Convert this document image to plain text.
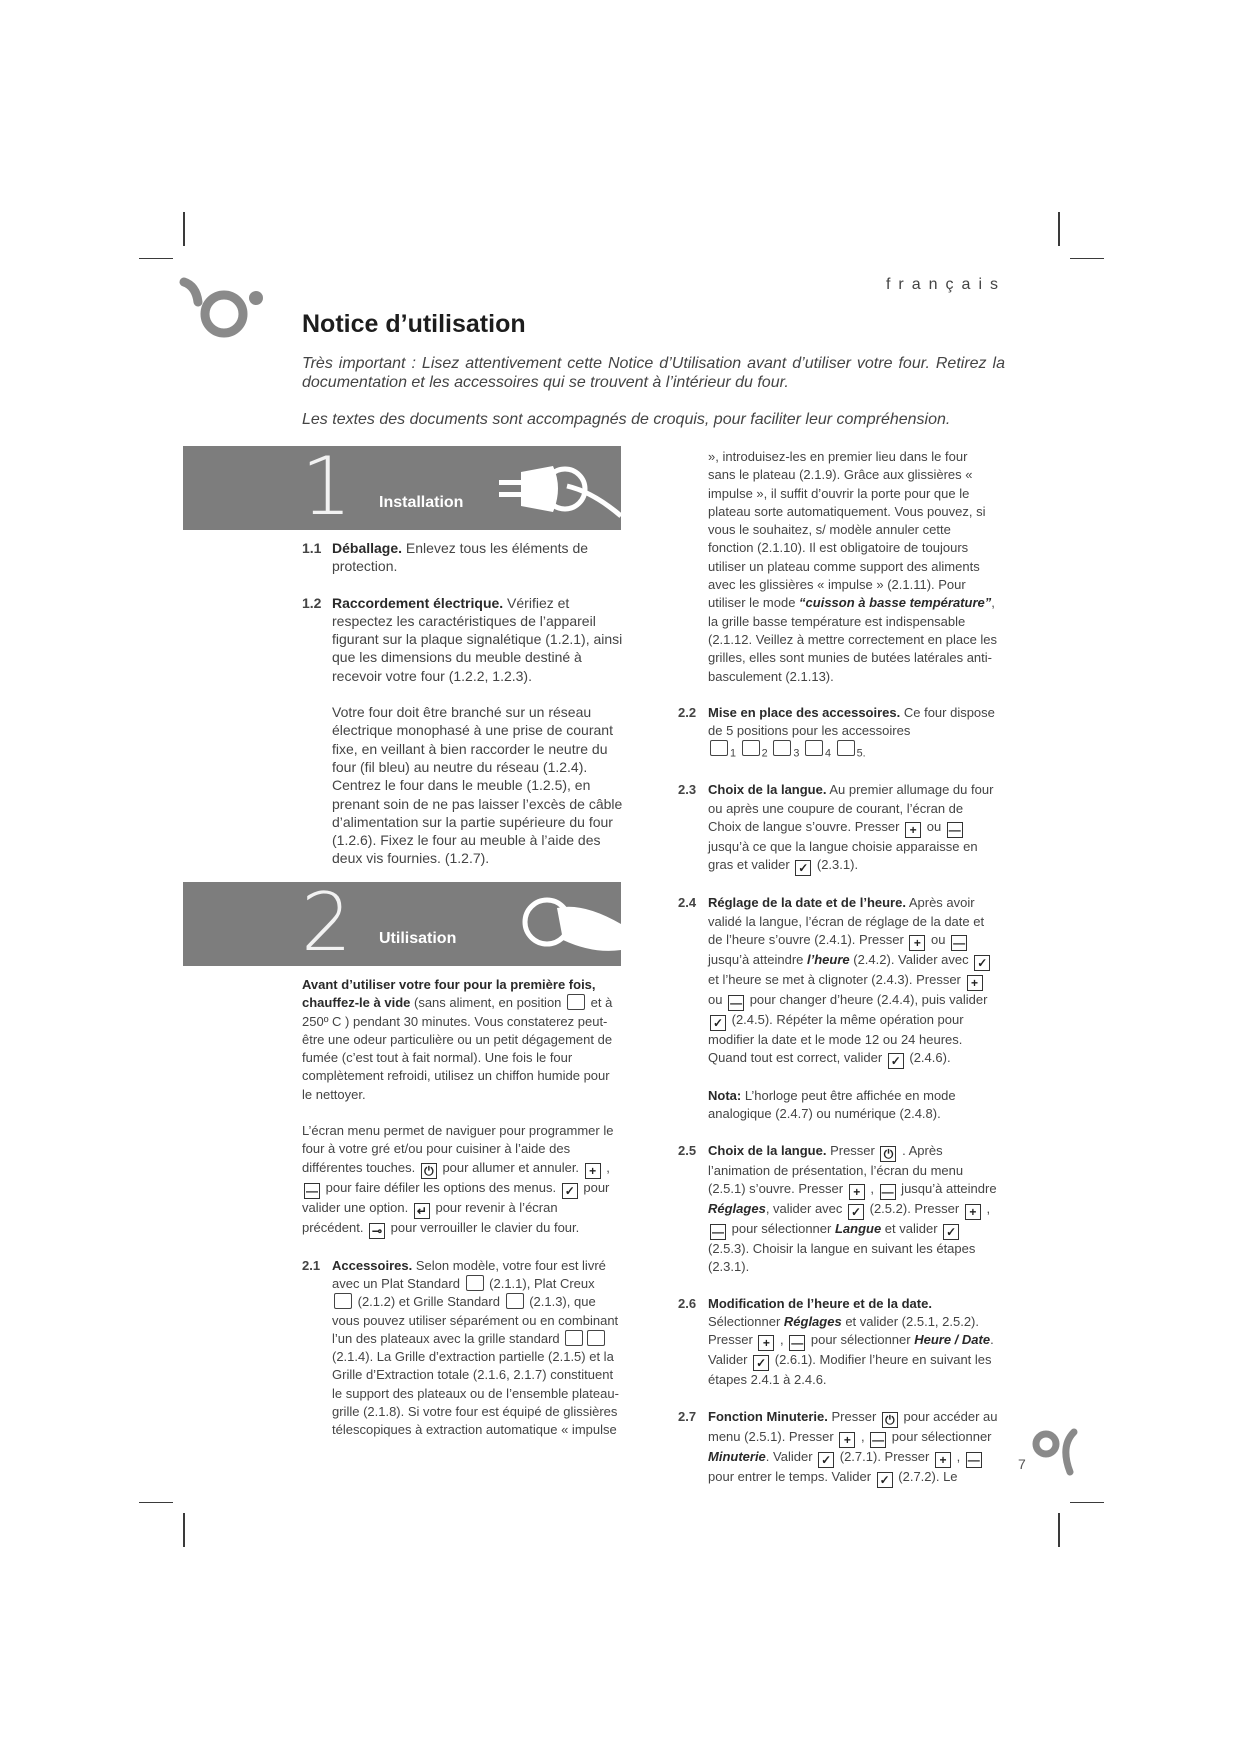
français
Notice d’utilisation
Très important : Lisez attentivement cette Notice d’Utilisation avant d’utiliser votre four. Retirez la documentation et les accessoires qui se trouvent à l’intérieur du four.
Les textes des documents sont accompagnés de croquis, pour faciliter leur compréhension.
1 Installation

1.1 Déballage. Enlevez tous les éléments de protection.

1.2 Raccordement électrique. Vérifiez et respectez les caractéristiques de l’appareil figurant sur la plaque signalétique (1.2.1), ainsi que les dimensions du meuble destiné à recevoir votre four (1.2.2, 1.2.3).

Votre four doit être branché sur un réseau électrique monophasé à une prise de courant fixe, en veillant à bien raccorder le neutre du four (fil bleu) au neutre du réseau (1.2.4). Centrez le four dans le meuble (1.2.5), en prenant soin de ne pas laisser l’excès de câble d’alimentation sur la partie supérieure du four (1.2.6). Fixez le four au meuble à l’aide des deux vis fournies. (1.2.7).

2 Utilisation

Avant d’utiliser votre four pour la première fois, chauffez-le à vide (sans aliment, en position  et à 250º C ) pendant 30 minutes. Vous constaterez peut-être une odeur particulière ou un petit dégagement de fumée (c’est tout à fait normal). Une fois le four complètement refroidi, utilisez un chiffon humide pour le nettoyer.

L’écran menu permet de naviguer pour programmer le four à votre gré et/ou pour cuisiner à l’aide des différentes touches. ⏻ pour allumer et annuler. + , — pour faire défiler les options des menus. ✓ pour valider une option. ↵ pour revenir à l’écran précédent. ⊸ pour verrouiller le clavier du four.

2.1 Accessoires. Selon modèle, votre four est livré avec un Plat Standard  (2.1.1), Plat Creux  (2.1.2) et Grille Standard  (2.1.3), que vous pouvez utiliser séparément ou en combinant l’un des plateaux avec la grille standard  (2.1.4). La Grille d’extraction partielle (2.1.5) et la Grille d’Extraction totale (2.1.6, 2.1.7) constituent le support des plateaux ou de l’ensemble plateau-grille (2.1.8). Si votre four est équipé de glissières télescopiques à extraction automatique « impulse

», introduisez-les en premier lieu dans le four sans le plateau (2.1.9). Grâce aux glissières « impulse », il suffit d’ouvrir la porte pour que le plateau sorte automatiquement. Vous pouvez, si vous le souhaitez, s/ modèle annuler cette fonction (2.1.10). Il est obligatoire de toujours utiliser un plateau comme support des aliments avec les glissières « impulse » (2.1.11). Pour utiliser le mode “cuisson à basse température”, la grille basse température est indispensable (2.1.12. Veillez à mettre correctement en place les grilles, elles sont munies de butées latérales anti-basculement (2.1.13).

2.2 Mise en place des accessoires. Ce four dispose de 5 positions pour les accessoires
$_1$ $_2$ $_3$ $_4$ $_{5.}$

2.3 Choix de la langue. Au premier allumage du four ou après une coupure de courant, l’écran de Choix de langue s’ouvre. Presser + ou — jusqu’à ce que la langue choisie apparaisse en gras et valider ✓ (2.3.1).

2.4 Réglage de la date et de l’heure. Après avoir validé la langue, l’écran de réglage de la date et de l’heure s’ouvre (2.4.1). Presser + ou — jusqu’à atteindre l’heure (2.4.2). Valider avec ✓ et l’heure se met à clignoter (2.4.3). Presser + ou — pour changer d’heure (2.4.4), puis valider ✓ (2.4.5). Répéter la même opération pour modifier la date et le mode 12 ou 24 heures. Quand tout est correct, valider ✓ (2.4.6).

Nota: L’horloge peut être affichée en mode analogique (2.4.7) ou numérique (2.4.8).

2.5 Choix de la langue. Presser ⏻ . Après l’animation de présentation, l’écran du menu (2.5.1) s’ouvre. Presser + , — jusqu’à atteindre Réglages, valider avec ✓ (2.5.2). Presser + , — pour sélectionner Langue et valider ✓ (2.5.3). Choisir la langue en suivant les étapes (2.3.1).

2.6 Modification de l’heure et de la date. Sélectionner Réglages et valider (2.5.1, 2.5.2). Presser + , — pour sélectionner Heure / Date. Valider ✓ (2.6.1). Modifier l’heure en suivant les étapes 2.4.1 à 2.4.6.

2.7 Fonction Minuterie. Presser ⏻ pour accéder au menu (2.5.1). Presser + , — pour sélectionner Minuterie. Valider ✓ (2.7.1). Presser + , — pour entrer le temps. Valider ✓ (2.7.2). Le

7
